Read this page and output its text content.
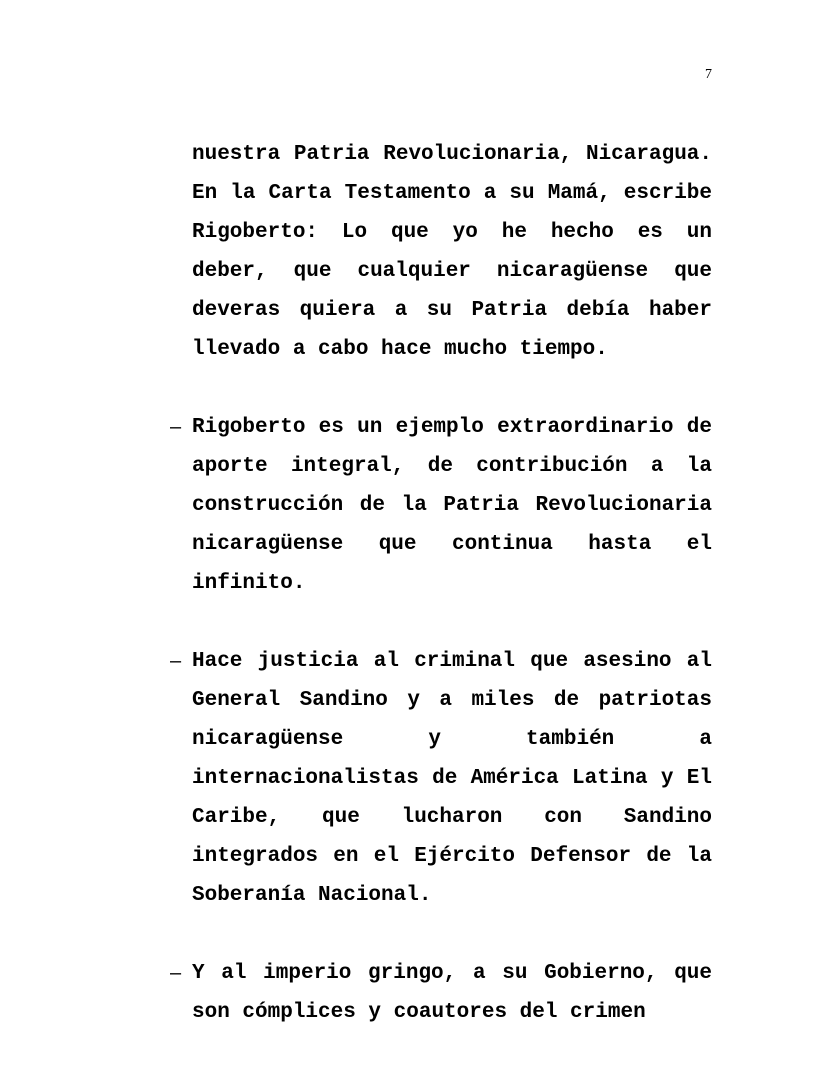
7
nuestra Patria Revolucionaria, Nicaragua. En la Carta Testamento a su Mamá, escribe Rigoberto: Lo que yo he hecho es un deber, que cualquier nicaragüense que deveras quiera a su Patria debía haber llevado a cabo hace mucho tiempo.
– Rigoberto es un ejemplo extraordinario de aporte integral, de contribución a la construcción de la Patria Revolucionaria nicaragüense que continua hasta el infinito.
– Hace justicia al criminal que asesino al General Sandino y a miles de patriotas nicaragüense y también a internacionalistas de América Latina y El Caribe, que lucharon con Sandino integrados en el Ejército Defensor de la Soberanía Nacional.
– Y al imperio gringo, a su Gobierno, que son cómplices y coautores del crimen
